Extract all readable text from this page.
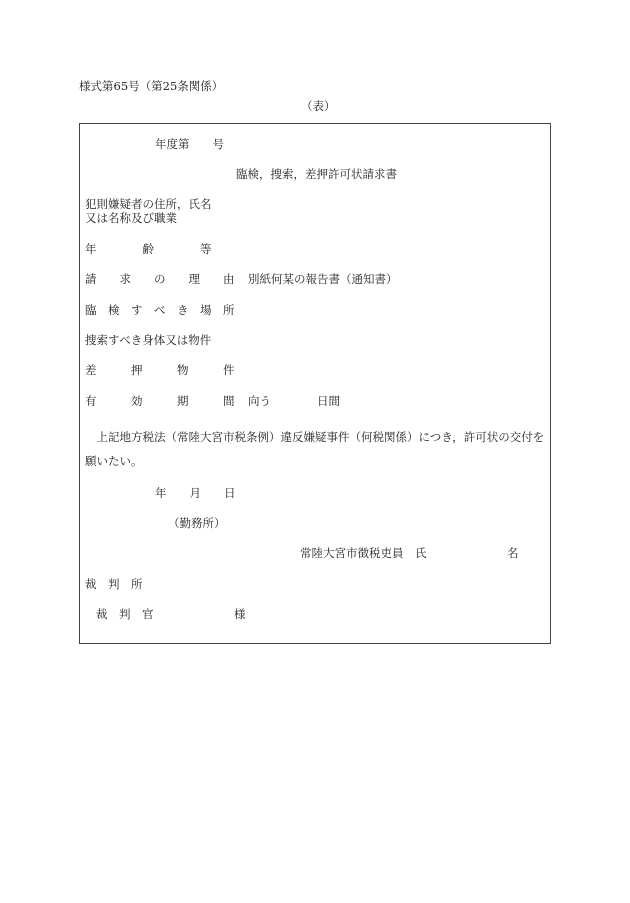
様式第65号（第25条関係）
（表）
年度第　　号
臨検，捜索，差押許可状請求書
犯則嫌疑者の住所，氏名
又は名称及び職業
年　　　　齢　　　　等
請　　求　　の　　理　　由 別紙何某の報告書（通知書）
臨　検　す　べ　き　場　所
捜索すべき身体又は物件
差　　　押　　　物　　　件
有　　　効　　　期　　　間 向う　　　　日間
　上記地方税法（常陸大宮市税条例）違反嫌疑事件（何税関係）につき，許可状の交付を願いたい。
年　　月　　日
（勤務所）
常陸大宮市徴税吏員　氏　　　　　　　名
裁　判　所
裁　判　官　　　　　　　様
